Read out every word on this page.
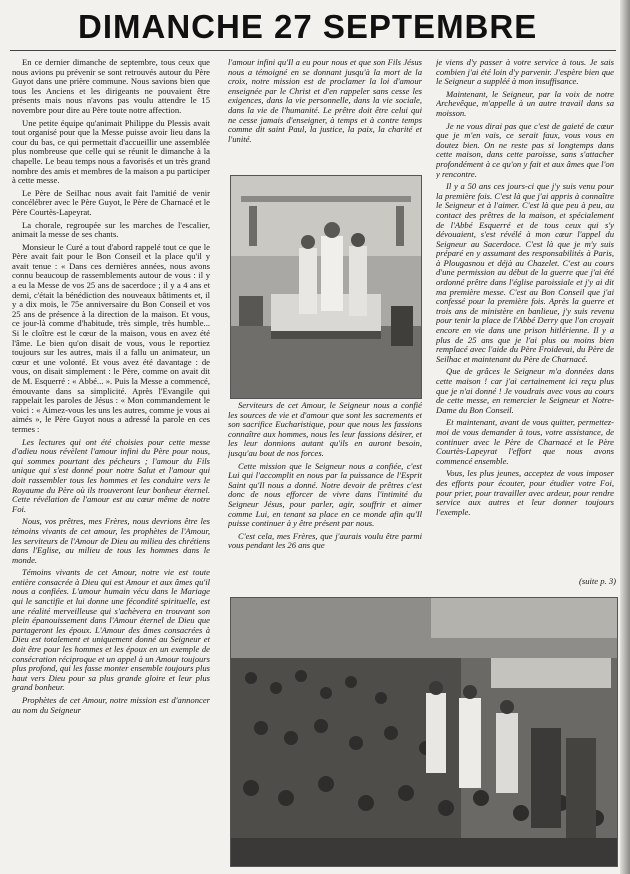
DIMANCHE 27 SEPTEMBRE

En ce dernier dimanche de septembre, tous ceux que nous avions pu prévenir se sont retrouvés autour du Père Guyot dans une prière commune. Nous savions bien que tous les Anciens et les dirigeants ne pouvaient être présents mais nous n'avons pas voulu attendre le 15 novembre pour dire au Père toute notre affection.

Une petite équipe qu'animait Philippe du Plessis avait tout organisé pour que la Messe puisse avoir lieu dans la cour du bas, ce qui permettait d'accueillir une assemblée plus nombreuse que celle qui se réunit le dimanche à la chapelle. Le beau temps nous a favorisés et un très grand nombre des amis et membres de la maison a pu participer à cette messe.

Le Père de Seilhac nous avait fait l'amitié de venir concélébrer avec le Père Guyot, le Père de Charnacé et le Père Courtès-Lapeyrat.

La chorale, regroupée sur les marches de l'escalier, animait la messe de ses chants.

Monsieur le Curé a tout d'abord rappelé tout ce que le Père avait fait pour le Bon Conseil et la place qu'il y avait tenue : « Dans ces dernières années, nous avons connu beaucoup de rassemblements autour de vous : il y a eu la Messe de vos 25 ans de sacerdoce ; il y a 4 ans et demi, c'était la bénédiction des nouveaux bâtiments et, il y a dix mois, le 75e anniversaire du Bon Conseil et vos 25 ans de présence à la direction de la maison. Et vous, ce jour-là comme d'habitude, très simple, très humble... Si le cloître est le cœur de la maison, vous en avez été l'âme. Le bien qu'on disait de vous, vous le reportiez toujours sur les autres, mais il a fallu un animateur, un cœur et une volonté. Et vous avez été davantage : de vous, on disait simplement : le Père, comme on avait dit de M. Esquerré : « Abbé... ». Puis la Messe a commencé, émouvante dans sa simplicité. Après l'Evangile qui rappelait les paroles de Jésus : « Mon commandement le voici : « Aimez-vous les uns les autres, comme je vous ai aimés », le Père Guyot nous a adressé la parole en ces termes :

Les lectures qui ont été choisies pour cette messe d'adieu nous révèlent l'amour infini du Père pour nous, qui sommes pourtant des pécheurs ; l'amour du Fils unique qui s'est donné pour notre Salut et l'amour qui doit rassembler tous les hommes et les conduire vers le Royaume du Père où ils trouveront leur bonheur éternel. Cette révélation de l'amour est au cœur même de notre Foi.

Nous, vos prêtres, mes Frères, nous devrions être les témoins vivants de cet amour, les prophètes de l'Amour, les serviteurs de l'Amour de Dieu au milieu des chrétiens dans l'Eglise, au milieu de tous les hommes dans le monde.

Témoins vivants de cet Amour, notre vie est toute entière consacrée à Dieu qui est Amour et aux âmes qu'il nous a confiées. L'amour humain vécu dans le Mariage qui le sanctifie et lui donne une fécondité spirituelle, est une réalité merveilleuse qui s'achèvera en trouvant son plein épanouissement dans l'Amour éternel de Dieu que partageront les époux. L'Amour des âmes consacrées à Dieu est totalement et uniquement donné au Seigneur et doit être pour les hommes et les époux en un exemple de consécration réciproque et un appel à un Amour toujours plus profond, qui les fasse monter ensemble toujours plus haut vers Dieu pour sa plus grande gloire et leur plus grand bonheur.

Prophètes de cet Amour, notre mission est d'annoncer au nom du Seigneur

l'amour infini qu'Il a eu pour nous et que son Fils Jésus nous a témoigné en se donnant jusqu'à la mort de la croix, notre mission est de proclamer la loi d'amour enseignée par le Christ et d'en rappeler sans cesse les exigences, dans la vie personnelle, dans la vie sociale, dans la vie de l'humanité. Le prêtre doit être celui qui ne cesse jamais d'enseigner, à temps et à contre temps comme dit saint Paul, la justice, la paix, la charité et l'unité.

Serviteurs de cet Amour, le Seigneur nous a confié les sources de vie et d'amour que sont les sacrements et son sacrifice Eucharistique, pour que nous les fassions connaître aux hommes, nous les leur fassions désirer, et les leur donnions autant qu'ils en auront besoin, jusqu'au bout de nos forces.

Cette mission que le Seigneur nous a confiée, c'est Lui qui l'accomplit en nous par la puissance de l'Esprit Saint qu'Il nous a donné. Notre devoir de prêtres c'est donc de nous efforcer de vivre dans l'intimité du Seigneur Jésus, pour parler, agir, souffrir et aimer comme Lui, en tenant sa place en ce monde afin qu'Il puisse continuer à y être présent par nous.

C'est cela, mes Frères, que j'aurais voulu être parmi vous pendant les 26 ans que

je viens d'y passer à votre service à tous. Je sais combien j'ai été loin d'y parvenir. J'espère bien que le Seigneur a suppléé à mon insuffisance.

Maintenant, le Seigneur, par la voix de notre Archevêque, m'appelle à un autre travail dans sa moisson.

Je ne vous dirai pas que c'est de gaieté de cœur que je m'en vais, ce serait faux, vous vous en doutez bien. On ne reste pas si longtemps dans cette maison, dans cette paroisse, sans s'attacher profondément à ce qu'on y fait et aux âmes que l'on y rencontre.

Il y a 50 ans ces jours-ci que j'y suis venu pour la première fois. C'est là que j'ai appris à connaître le Seigneur et à l'aimer. C'est là que peu à peu, au contact des prêtres de la maison, et spécialement de l'Abbé Esquerré et de tous ceux qui s'y dévouaient, s'est révélé à mon cœur l'appel du Seigneur au Sacerdoce. C'est là que je m'y suis préparé en y assumant des responsabilités à Paris, à Plougasnou et déjà au Chazelet. C'est au cours d'une permission au début de la guerre que j'ai été ordonné prêtre dans l'église paroissiale et j'y ai dit ma première messe. C'est au Bon Conseil que j'ai confessé pour la première fois. Après la guerre et trois ans de ministère en banlieue, j'y suis revenu pour tenir la place de l'Abbé Derry que l'on croyait encore en vie dans une prison hitlérienne. Il y a plus de 25 ans que je l'ai plus ou moins bien remplacé avec l'aide du Père Froidevai, du Père de Seilhac et maintenant du Père de Charnacé.

Que de grâces le Seigneur m'a données dans cette maison ! car j'ai certainement ici reçu plus que je n'ai donné ! Je voudrais avec vous au cours de cette messe, en remercier le Seigneur et Notre-Dame du Bon Conseil.

Et maintenant, avant de vous quitter, permettez-moi de vous demander à tous, votre assistance, de continuer avec le Père de Charnacé et le Père Courtès-Lapeyrat l'effort que nous avons commencé ensemble.

Vous, les plus jeunes, acceptez de vous imposer des efforts pour écouter, pour étudier votre Foi, pour prier, pour travailler avec ardeur, pour rendre service aux autres et leur donner toujours l'exemple.

(suite p. 3)
